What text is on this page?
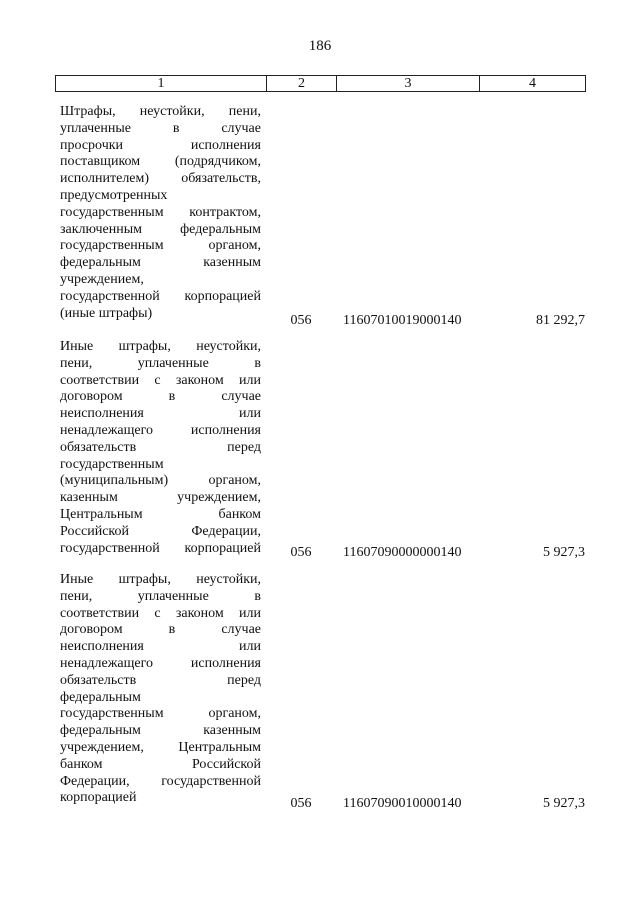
186
1	2	3	4
Штрафы, неустойки, пени,
уплаченные в случае
просрочки исполнения
поставщиком (подрядчиком,
исполнителем) обязательств,
предусмотренных
государственным контрактом,
заключенным федеральным
государственным органом,
федеральным казенным
учреждением,
государственной корпорацией
(иные штрафы)	056	11607010019000140	81 292,7
Иные штрафы, неустойки,
пени, уплаченные в
соответствии с законом или
договором в случае
неисполнения или
ненадлежащего исполнения
обязательств перед
государственным
(муниципальным) органом,
казенным учреждением,
Центральным банком
Российской Федерации,
государственной корпорацией	056	11607090000000140	5 927,3
Иные штрафы, неустойки,
пени, уплаченные в
соответствии с законом или
договором в случае
неисполнения или
ненадлежащего исполнения
обязательств перед
федеральным
государственным органом,
федеральным казенным
учреждением, Центральным
банком Российской
Федерации, государственной
корпорацией	056	11607090010000140	5 927,3
